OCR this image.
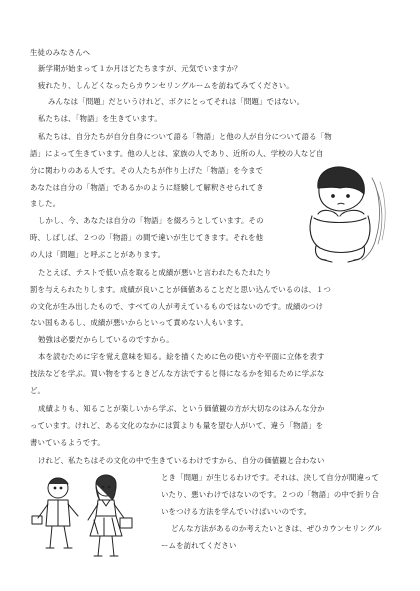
生徒のみなさんへ

新学期が始まって１か月ほどたちますが、元気でいますか？

疲れたり、しんどくなったらカウンセリングルームを訪ねてみてください。

みんなは「問題」だというけれど、ボクにとってそれは「問題」ではない。

私たちは、「物語」を生きています。

私たちは、自分たちが自分自身について語る「物語」と他の人が自分について語る「物

語」によって生きています。他の人とは、家族の人であり、近所の人、学校の人など自

分に関わりのある人です。その人たちが作り上げた「物語」を今まで

あなたは自分の「物語」であるかのように経験して解釈させられてき

ました。

しかし、今、あなたは自分の「物語」を綴ろうとしています。その

時、しばしば、２つの「物語」の間で違いが生じてきます。それを他

の人は「問題」と呼ぶことがあります。

たとえば、テストで低い点を取ると成績が悪いと言われたもたれたり

罰を与えられたりします。成績が良いことが価値あることだと思い込んでいるのは、１つ

の文化が生み出したもので、すべての人が考えているものではないのです。成績のつけ

ない国もあるし、成績が悪いからといって責めない人もいます。

勉強は必要だからしているのですから。

本を読むために字を覚え意味を知る。絵を描くために色の使い方や平面に立体を表す

技法などを学ぶ。買い物をするときどんな方法ですると得になるかを知るために学ぶな

ど。

成績よりも、知ることが楽しいから学ぶ、という価値観の方が大切なのはみんな分か

っています。けれど、ある文化のなかには質よりも量を望む人がいて、違う「物語」を

書いているようです。

けれど、私たちはその文化の中で生きているわけですから、自分の価値観と合わない

とき「問題」が生じるわけです。それは、決して自分が間違って

いたり、悪いわけではないのです。２つの「物語」の中で折り合

いをつける方法を学んでいけばいいのです。

どんな方法があるのか考えたいときは、ぜひカウンセリングル

ームを訪れてください
